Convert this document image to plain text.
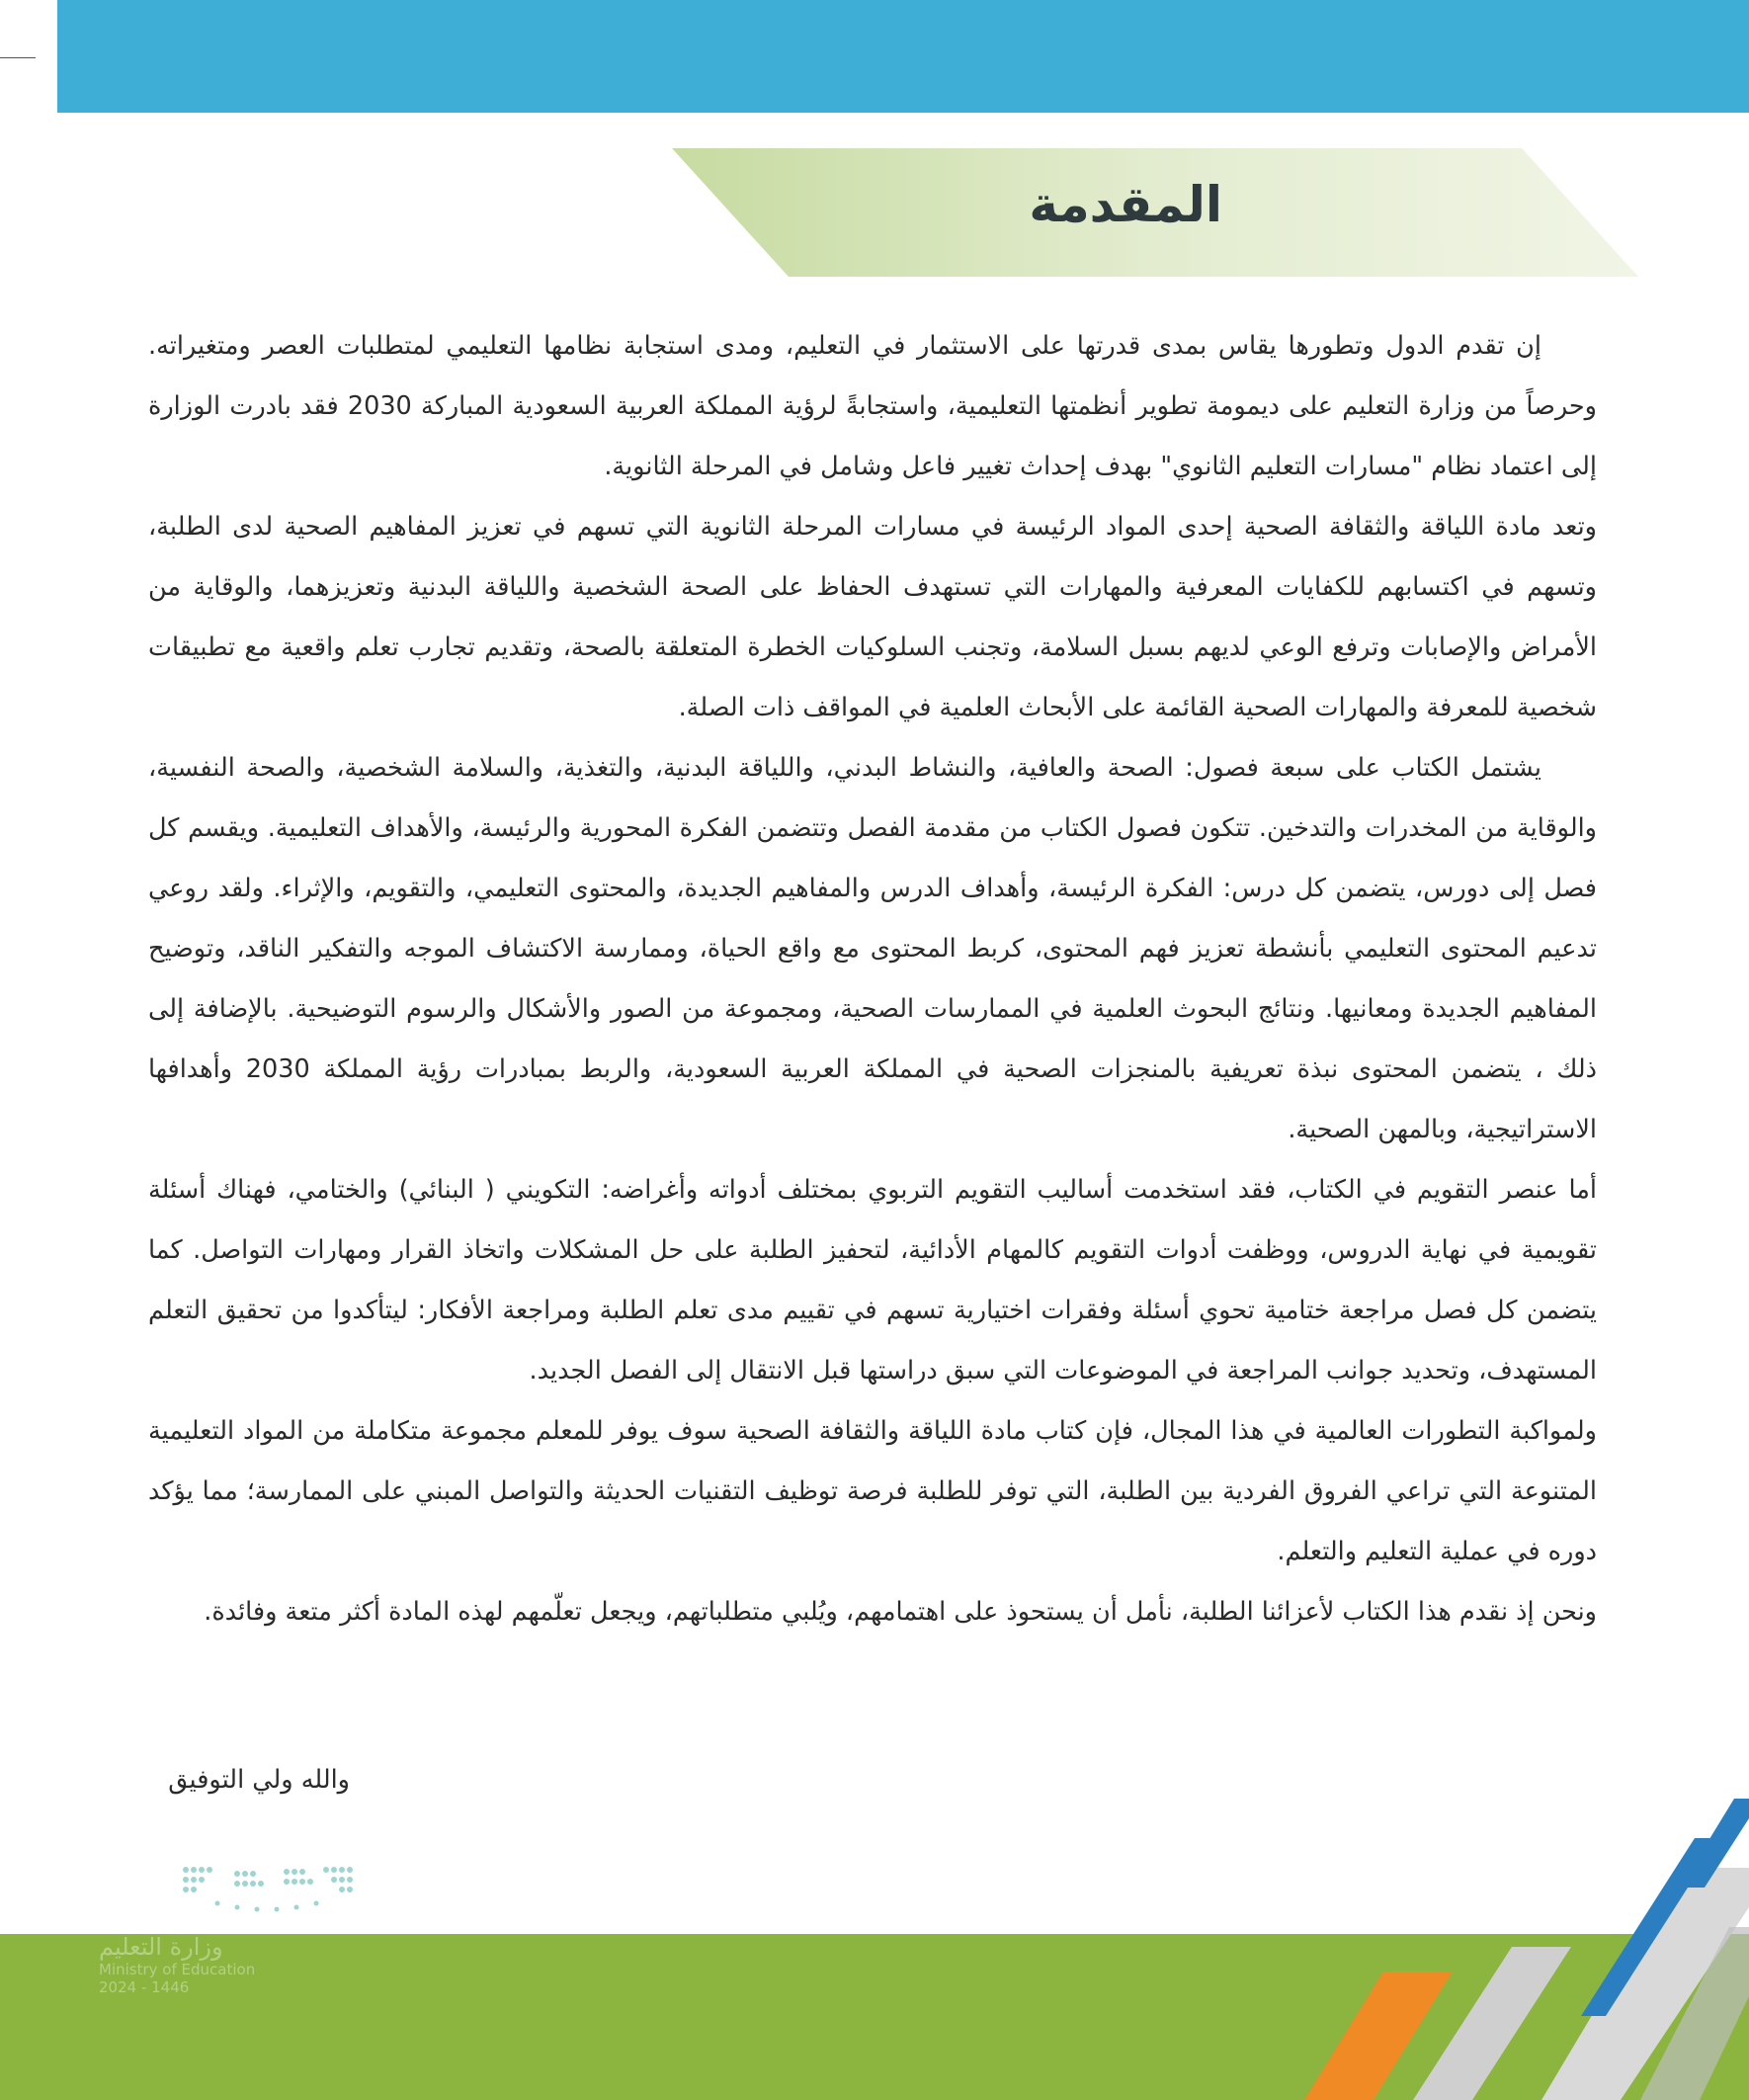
المقدمة

إن تقدم الدول وتطورها يقاس بمدى قدرتها على الاستثمار في التعليم، ومدى استجابة نظامها التعليمي لمتطلبات العصر ومتغيراته. وحرصاً من وزارة التعليم على ديمومة تطوير أنظمتها التعليمية، واستجابةً لرؤية المملكة العربية السعودية المباركة 2030 فقد بادرت الوزارة إلى اعتماد نظام "مسارات التعليم الثانوي" بهدف إحداث تغيير فاعل وشامل في المرحلة الثانوية.

وتعد مادة اللياقة والثقافة الصحية إحدى المواد الرئيسة في مسارات المرحلة الثانوية التي تسهم في تعزيز المفاهيم الصحية لدى الطلبة، وتسهم في اكتسابهم للكفايات المعرفية والمهارات التي تستهدف الحفاظ على الصحة الشخصية واللياقة البدنية وتعزيزهما، والوقاية من الأمراض والإصابات وترفع الوعي لديهم بسبل السلامة، وتجنب السلوكيات الخطرة المتعلقة بالصحة، وتقديم تجارب تعلم واقعية مع تطبيقات شخصية للمعرفة والمهارات الصحية القائمة على الأبحاث العلمية في المواقف ذات الصلة.

يشتمل الكتاب على سبعة فصول: الصحة والعافية، والنشاط البدني، واللياقة البدنية، والتغذية، والسلامة الشخصية، والصحة النفسية، والوقاية من المخدرات والتدخين. تتكون فصول الكتاب من مقدمة الفصل وتتضمن الفكرة المحورية والرئيسة، والأهداف التعليمية. ويقسم كل فصل إلى دورس، يتضمن كل درس: الفكرة الرئيسة، وأهداف الدرس والمفاهيم الجديدة، والمحتوى التعليمي، والتقويم، والإثراء. ولقد روعي تدعيم المحتوى التعليمي بأنشطة تعزيز فهم المحتوى، كربط المحتوى مع واقع الحياة، وممارسة الاكتشاف الموجه والتفكير الناقد، وتوضيح المفاهيم الجديدة ومعانيها. ونتائج البحوث العلمية في الممارسات الصحية، ومجموعة من الصور والأشكال والرسوم التوضيحية. بالإضافة إلى ذلك ، يتضمن المحتوى نبذة تعريفية بالمنجزات الصحية في المملكة العربية السعودية، والربط بمبادرات رؤية المملكة 2030 وأهدافها الاستراتيجية، وبالمهن الصحية.

أما عنصر التقويم في الكتاب، فقد استخدمت أساليب التقويم التربوي بمختلف أدواته وأغراضه: التكويني ( البنائي) والختامي، فهناك أسئلة تقويمية في نهاية الدروس، ووظفت أدوات التقويم كالمهام الأدائية، لتحفيز الطلبة على حل المشكلات واتخاذ القرار ومهارات التواصل. كما يتضمن كل فصل مراجعة ختامية تحوي أسئلة وفقرات اختيارية تسهم في تقييم مدى تعلم الطلبة ومراجعة الأفكار: ليتأكدوا من تحقيق التعلم المستهدف، وتحديد جوانب المراجعة في الموضوعات التي سبق دراستها قبل الانتقال إلى الفصل الجديد.

ولمواكبة التطورات العالمية في هذا المجال، فإن كتاب مادة اللياقة والثقافة الصحية سوف يوفر للمعلم مجموعة متكاملة من المواد التعليمية المتنوعة التي تراعي الفروق الفردية بين الطلبة، التي توفر للطلبة فرصة توظيف التقنيات الحديثة والتواصل المبني على الممارسة؛ مما يؤكد دوره في عملية التعليم والتعلم.

ونحن إذ نقدم هذا الكتاب لأعزائنا الطلبة، نأمل أن يستحوذ على اهتمامهم، ويُلبي متطلباتهم، ويجعل تعلّمهم لهذه المادة أكثر متعة وفائدة.

والله ولي التوفيق

وزارة التعليم
Ministry of Education
2024 - 1446
